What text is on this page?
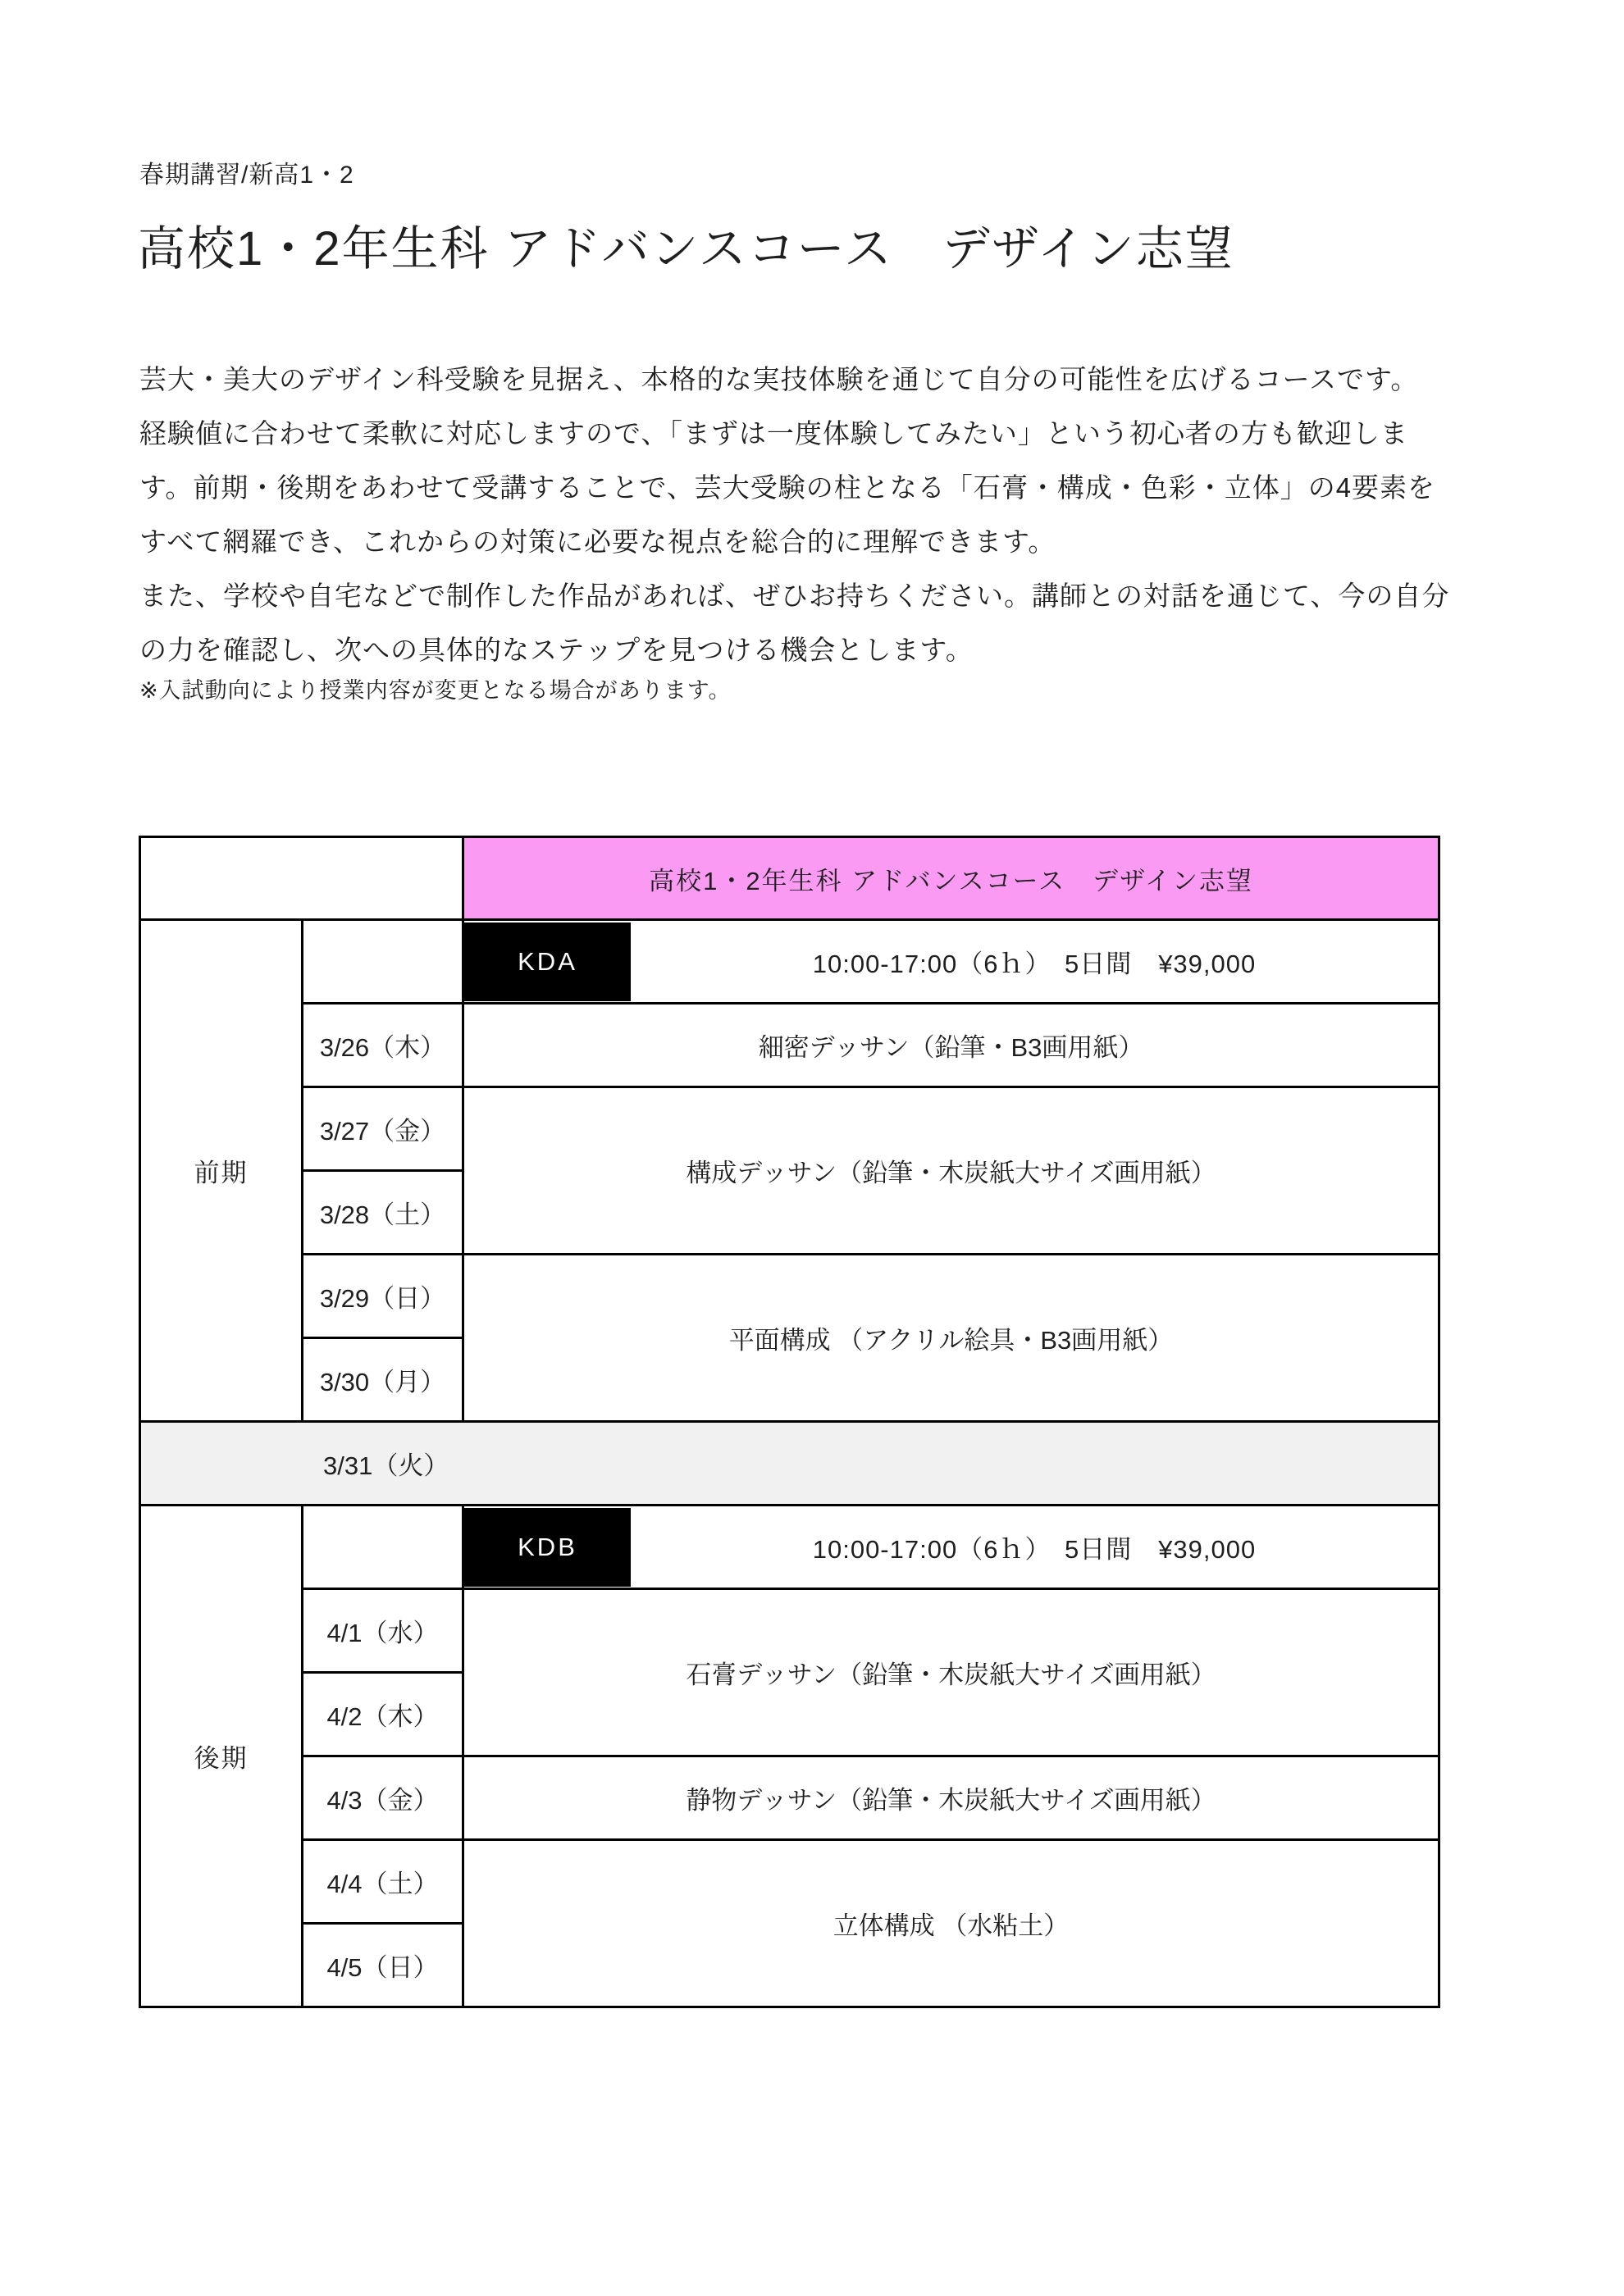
春期講習/新高1・2
高校1・2年生科 アドバンスコース　デザイン志望
芸大・美大のデザイン科受験を見据え、本格的な実技体験を通じて自分の可能性を広げるコースです。
経験値に合わせて柔軟に対応しますので、「まずは一度体験してみたい」という初心者の方も歓迎しま
す。前期・後期をあわせて受講することで、芸大受験の柱となる「石膏・構成・色彩・立体」の4要素を
すべて網羅でき、これからの対策に必要な視点を総合的に理解できます。
また、学校や自宅などで制作した作品があれば、ぜひお持ちください。講師との対話を通じて、今の自分
の力を確認し、次への具体的なステップを見つける機会とします。
※入試動向により授業内容が変更となる場合があります。
		高校1・2年生科 アドバンスコース　デザイン志望
前期		KDA 10:00-17:00（6ｈ）　5日間　¥39,000

	3/26（木）	細密デッサン（鉛筆・B3画用紙）
	3/27（金）	構成デッサン（鉛筆・木炭紙大サイズ画用紙）
	3/28（土）	
	3/29（日）	平面構成 （アクリル絵具・B3画用紙）
	3/30（月）	
3/31（火）		
後期		KDB 10:00-17:00（6ｈ）　5日間　¥39,000

	4/1（水）	石膏デッサン（鉛筆・木炭紙大サイズ画用紙）
	4/2（木）	
	4/3（金）	静物デッサン（鉛筆・木炭紙大サイズ画用紙）
	4/4（土）	立体構成 （水粘土）
	4/5（日）	
